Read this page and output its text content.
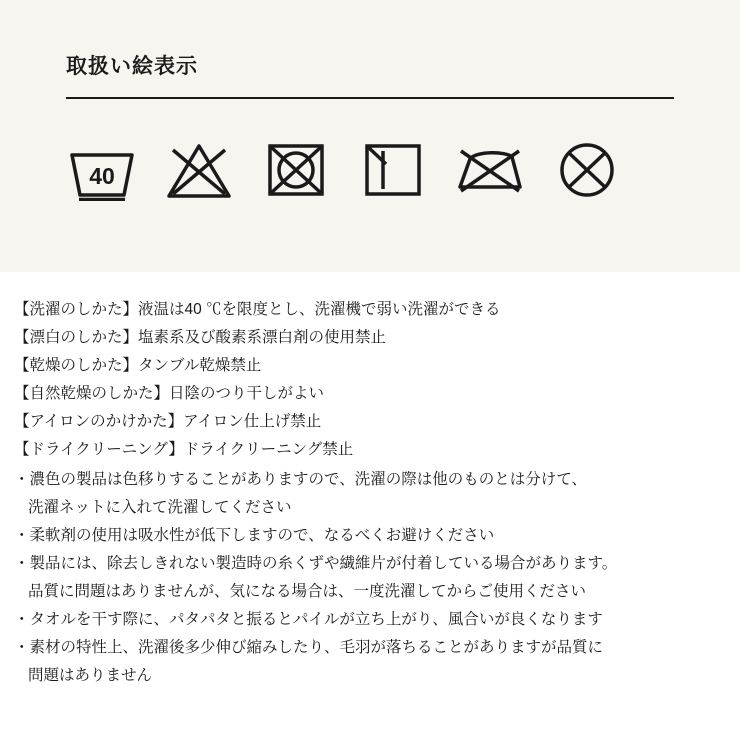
取扱い絵表示
40
【洗濯のしかた】液温は40 ℃を限度とし、洗濯機で弱い洗濯ができる
【漂白のしかた】塩素系及び酸素系漂白剤の使用禁止
【乾燥のしかた】タンブル乾燥禁止
【自然乾燥のしかた】日陰のつり干しがよい
【アイロンのかけかた】アイロン仕上げ禁止
【ドライクリーニング】ドライクリーニング禁止
・濃色の製品は色移りすることがありますので、洗濯の際は他のものとは分けて、
洗濯ネットに入れて洗濯してください
・柔軟剤の使用は吸水性が低下しますので、なるべくお避けください
・製品には、除去しきれない製造時の糸くずや繊維片が付着している場合があります。
品質に問題はありませんが、気になる場合は、一度洗濯してからご使用ください
・タオルを干す際に、パタパタと振るとパイルが立ち上がり、風合いが良くなります
・素材の特性上、洗濯後多少伸び縮みしたり、毛羽が落ちることがありますが品質に
問題はありません
